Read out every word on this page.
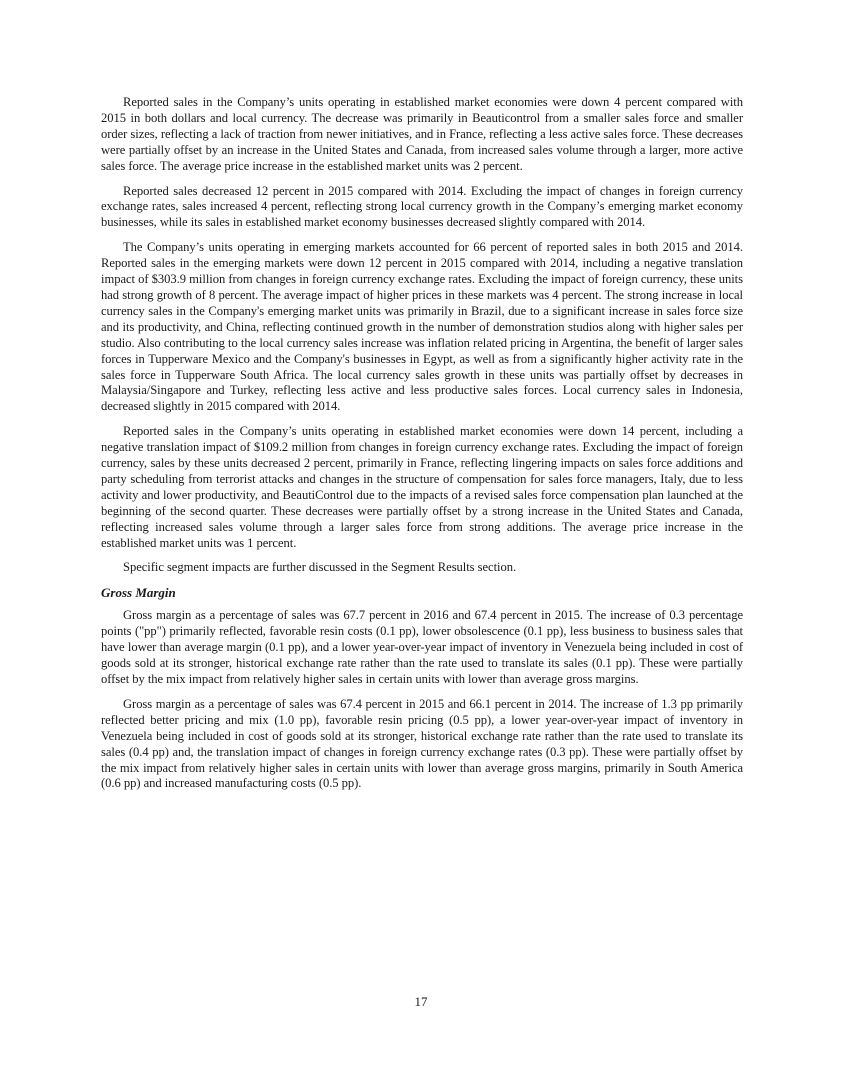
Reported sales in the Company’s units operating in established market economies were down 4 percent compared with 2015 in both dollars and local currency. The decrease was primarily in Beauticontrol from a smaller sales force and smaller order sizes, reflecting a lack of traction from newer initiatives, and in France, reflecting a less active sales force. These decreases were partially offset by an increase in the United States and Canada, from increased sales volume through a larger, more active sales force. The average price increase in the established market units was 2 percent.

Reported sales decreased 12 percent in 2015 compared with 2014. Excluding the impact of changes in foreign currency exchange rates, sales increased 4 percent, reflecting strong local currency growth in the Company’s emerging market economy businesses, while its sales in established market economy businesses decreased slightly compared with 2014.

The Company’s units operating in emerging markets accounted for 66 percent of reported sales in both 2015 and 2014. Reported sales in the emerging markets were down 12 percent in 2015 compared with 2014, including a negative translation impact of $303.9 million from changes in foreign currency exchange rates. Excluding the impact of foreign currency, these units had strong growth of 8 percent. The average impact of higher prices in these markets was 4 percent. The strong increase in local currency sales in the Company's emerging market units was primarily in Brazil, due to a significant increase in sales force size and its productivity, and China, reflecting continued growth in the number of demonstration studios along with higher sales per studio. Also contributing to the local currency sales increase was inflation related pricing in Argentina, the benefit of larger sales forces in Tupperware Mexico and the Company's businesses in Egypt, as well as from a significantly higher activity rate in the sales force in Tupperware South Africa. The local currency sales growth in these units was partially offset by decreases in Malaysia/Singapore and Turkey, reflecting less active and less productive sales forces. Local currency sales in Indonesia, decreased slightly in 2015 compared with 2014.

Reported sales in the Company’s units operating in established market economies were down 14 percent, including a negative translation impact of $109.2 million from changes in foreign currency exchange rates. Excluding the impact of foreign currency, sales by these units decreased 2 percent, primarily in France, reflecting lingering impacts on sales force additions and party scheduling from terrorist attacks and changes in the structure of compensation for sales force managers, Italy, due to less activity and lower productivity, and BeautiControl due to the impacts of a revised sales force compensation plan launched at the beginning of the second quarter. These decreases were partially offset by a strong increase in the United States and Canada, reflecting increased sales volume through a larger sales force from strong additions. The average price increase in the established market units was 1 percent.

Specific segment impacts are further discussed in the Segment Results section.

Gross Margin

Gross margin as a percentage of sales was 67.7 percent in 2016 and 67.4 percent in 2015. The increase of 0.3 percentage points ("pp") primarily reflected, favorable resin costs (0.1 pp), lower obsolescence (0.1 pp), less business to business sales that have lower than average margin (0.1 pp), and a lower year-over-year impact of inventory in Venezuela being included in cost of goods sold at its stronger, historical exchange rate rather than the rate used to translate its sales (0.1 pp). These were partially offset by the mix impact from relatively higher sales in certain units with lower than average gross margins.

Gross margin as a percentage of sales was 67.4 percent in 2015 and 66.1 percent in 2014. The increase of 1.3 pp primarily reflected better pricing and mix (1.0 pp), favorable resin pricing (0.5 pp), a lower year-over-year impact of inventory in Venezuela being included in cost of goods sold at its stronger, historical exchange rate rather than the rate used to translate its sales (0.4 pp) and, the translation impact of changes in foreign currency exchange rates (0.3 pp). These were partially offset by the mix impact from relatively higher sales in certain units with lower than average gross margins, primarily in South America (0.6 pp) and increased manufacturing costs (0.5 pp).

17
